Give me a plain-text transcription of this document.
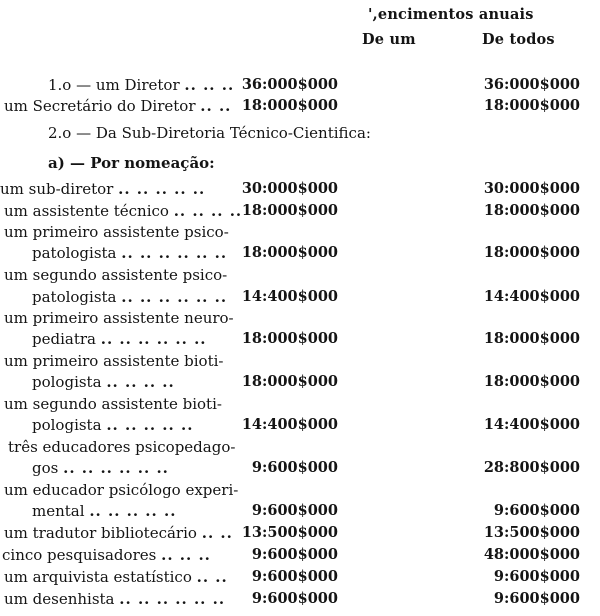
',encimentos anuais
De um	De todos
1.o — um Diretor .. .. .. 36:000$000	36:000$000
um Secretário do Diretor .. .. 18:000$000	18:000$000
2.o — Da Sub-Diretoria Técnico-Cientifica:
a) — Por nomeação:
um sub-diretor .. .. .. .. ..	30:000$000	30:000$000
um assistente técnico .. .. .. .. 18:000$000	18:000$000
um primeiro assistente psico-
patologista .. .. .. .. .. .. 18:000$000	18:000$000
um segundo assistente psico-
patologista .. .. .. .. .. .. 14:400$000	14:400$000
um primeiro assistente neuro-
pediatra .. .. .. .. .. .. 18:000$000	18:000$000
um primeiro assistente bioti-
pologista .. .. .. ..	18:000$000	18:000$000
um segundo assistente bioti-
pologista .. .. .. .. ..	14:400$000	14:400$000
três educadores psicopedago-
gos .. .. .. .. .. ..	9:600$000	28:800$000
um educador psicólogo experi-
mental .. .. .. .. ..	9:600$000	9:600$000
um tradutor bibliotecário .. .. 13:500$000	13:500$000
cinco pesquisadores .. .. ..	9:600$000	48:000$000
um arquivista estatístico .. .. 9:600$000	9:600$000
um desenhista .. .. .. .. .. .. 9:600$000	9:600$000
